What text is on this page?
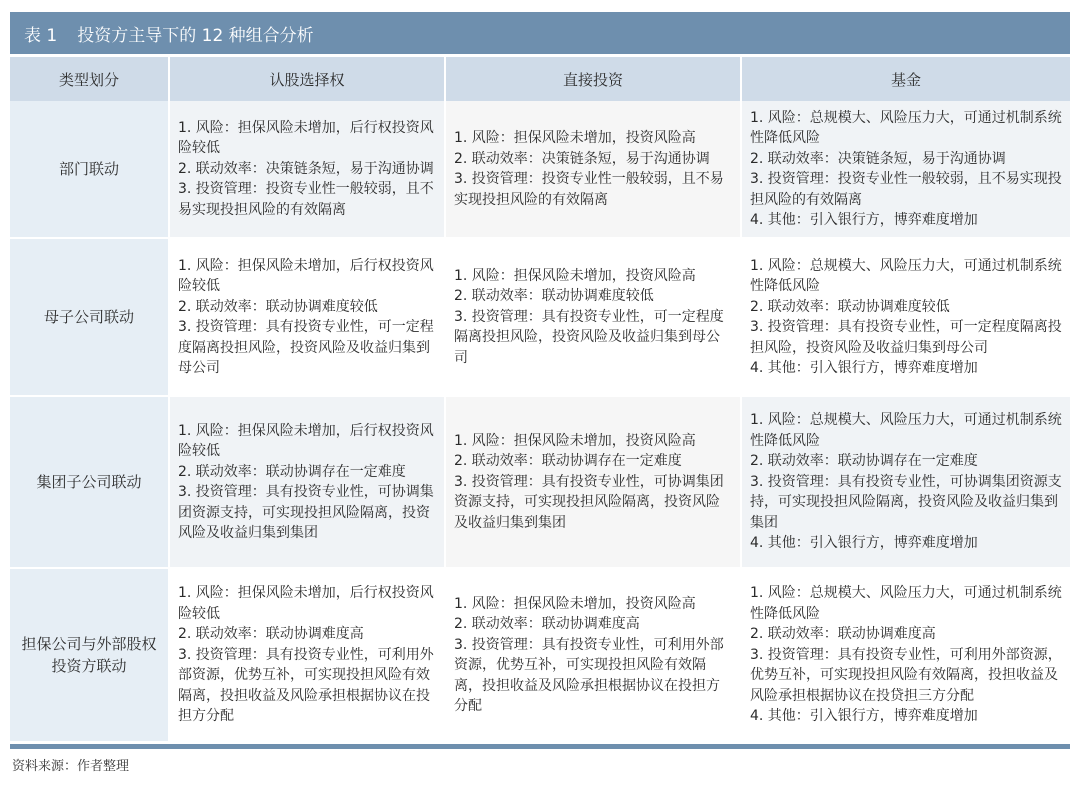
表 1 投资方主导下的 12 种组合分析
类型划分	认股选择权	直接投资	基金
部门联动	1. 风险：担保风险未增加，后行权投资风险较低
2. 联动效率：决策链条短，易于沟通协调
3. 投资管理：投资专业性一般较弱，且不易实现投担风险的有效隔离	1. 风险：担保风险未增加，投资风险高
2. 联动效率：决策链条短，易于沟通协调
3. 投资管理：投资专业性一般较弱，且不易实现投担风险的有效隔离	1. 风险：总规模大、风险压力大，可通过机制系统性降低风险
2. 联动效率：决策链条短，易于沟通协调
3. 投资管理：投资专业性一般较弱，且不易实现投担风险的有效隔离
4. 其他：引入银行方，博弈难度增加

母子公司联动	1. 风险：担保风险未增加，后行权投资风险较低
2. 联动效率：联动协调难度较低
3. 投资管理：具有投资专业性，可一定程度隔离投担风险，投资风险及收益归集到母公司	1. 风险：担保风险未增加，投资风险高
2. 联动效率：联动协调难度较低
3. 投资管理：具有投资专业性，可一定程度隔离投担风险，投资风险及收益归集到母公司	1. 风险：总规模大、风险压力大，可通过机制系统性降低风险
2. 联动效率：联动协调难度较低
3. 投资管理：具有投资专业性，可一定程度隔离投担风险，投资风险及收益归集到母公司
4. 其他：引入银行方，博弈难度增加

集团子公司联动	1. 风险：担保风险未增加，后行权投资风险较低
2. 联动效率：联动协调存在一定难度
3. 投资管理：具有投资专业性，可协调集团资源支持，可实现投担风险隔离，投资风险及收益归集到集团	1. 风险：担保风险未增加，投资风险高
2. 联动效率：联动协调存在一定难度
3. 投资管理：具有投资专业性，可协调集团资源支持，可实现投担风险隔离，投资风险及收益归集到集团	1. 风险：总规模大、风险压力大，可通过机制系统性降低风险
2. 联动效率：联动协调存在一定难度
3. 投资管理：具有投资专业性，可协调集团资源支持，可实现投担风险隔离，投资风险及收益归集到集团
4. 其他：引入银行方，博弈难度增加

担保公司与外部股权投资方联动	1. 风险：担保风险未增加，后行权投资风险较低
2. 联动效率：联动协调难度高
3. 投资管理：具有投资专业性，可利用外部资源，优势互补，可实现投担风险有效隔离，投担收益及风险承担根据协议在投担方分配	1. 风险：担保风险未增加，投资风险高
2. 联动效率：联动协调难度高
3. 投资管理：具有投资专业性，可利用外部资源，优势互补，可实现投担风险有效隔离，投担收益及风险承担根据协议在投担方分配	1. 风险：总规模大、风险压力大，可通过机制系统性降低风险
2. 联动效率：联动协调难度高
3. 投资管理：具有投资专业性，可利用外部资源，优势互补，可实现投担风险有效隔离，投担收益及风险承担根据协议在投贷担三方分配
4. 其他：引入银行方，博弈难度增加
资料来源：作者整理
